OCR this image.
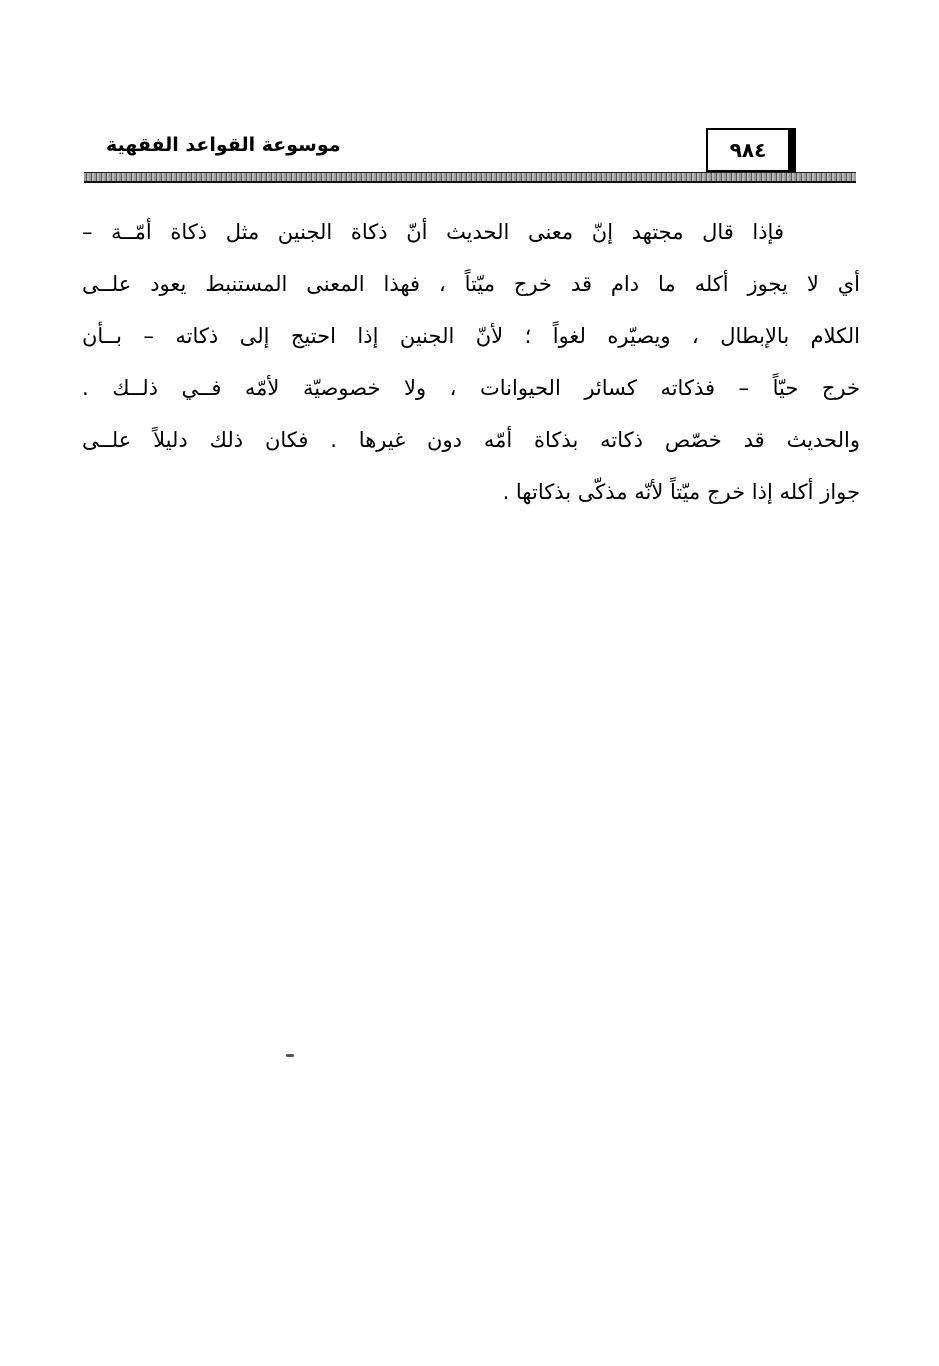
٩٨٤
موسوعة القواعد الفقهية
فإذا قال مجتهد إنّ معنى الحديث أنّ ذكاة الجنين مثل ذكاة أمّــة –
أي لا يجوز أكله ما دام قد خرج ميّتاً ، فهذا المعنى المستنبط يعود علــى
الكلام بالإبطال ، ويصيّره لغواً ؛ لأنّ الجنين إذا احتيج إلى ذكاته – بــأن
خرج حيّاً – فذكاته كسائر الحيوانات ، ولا خصوصيّة لأمّه فــي ذلــك .
والحديث قد خصّص ذكاته بذكاة أمّه دون غيرها . فكان ذلك دليلاً علــى
جواز أكله إذا خرج ميّتاً لأنّه مذكّى بذكاتها .
